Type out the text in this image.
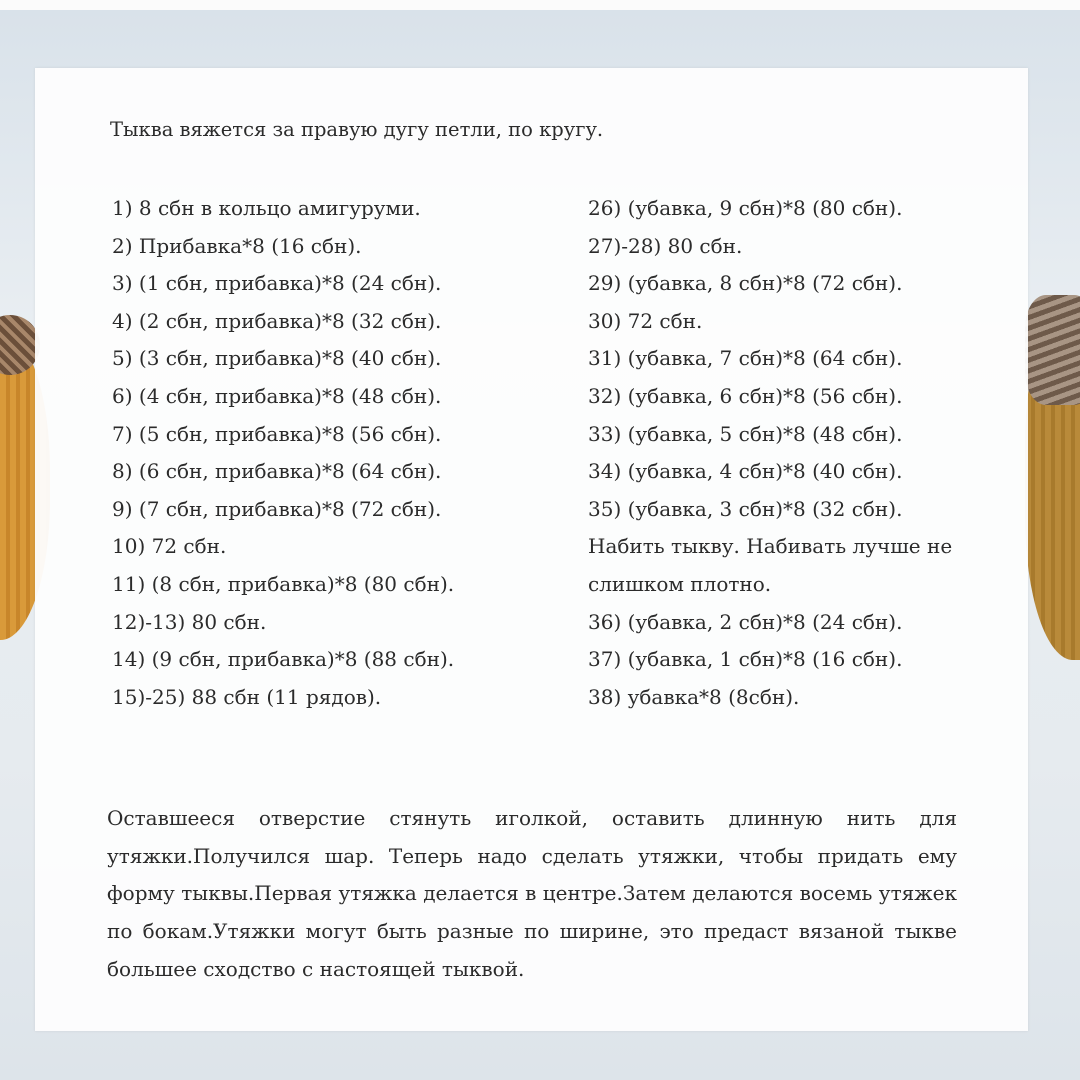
Тыква вяжется за правую дугу петли, по кругу.
1) 8 сбн в кольцо амигуруми.
2) Прибавка*8 (16 сбн).
3) (1 сбн, прибавка)*8 (24 сбн).
4) (2 сбн, прибавка)*8 (32 сбн).
5) (3 сбн, прибавка)*8 (40 сбн).
6) (4 сбн, прибавка)*8 (48 сбн).
7) (5 сбн, прибавка)*8 (56 сбн).
8) (6 сбн, прибавка)*8 (64 сбн).
9) (7 сбн, прибавка)*8 (72 сбн).
10) 72 сбн.
11) (8 сбн, прибавка)*8 (80 сбн).
12)-13) 80 сбн.
14) (9 сбн, прибавка)*8 (88 сбн).
15)-25) 88 сбн (11 рядов).
26) (убавка, 9 сбн)*8 (80 сбн).
27)-28) 80 сбн.
29) (убавка, 8 сбн)*8 (72 сбн).
30) 72 сбн.
31) (убавка, 7 сбн)*8 (64 сбн).
32) (убавка, 6 сбн)*8 (56 сбн).
33) (убавка, 5 сбн)*8 (48 сбн).
34) (убавка, 4 сбн)*8 (40 сбн).
35) (убавка, 3 сбн)*8 (32 сбн).
Набить тыкву. Набивать лучше не
слишком плотно.
36) (убавка, 2 сбн)*8 (24 сбн).
37) (убавка, 1 сбн)*8 (16 сбн).
38) убавка*8 (8сбн).
Оставшееся отверстие стянуть иголкой, оставить длинную нить для утяжки.Получился шар. Теперь надо сделать утяжки, чтобы придать ему форму тыквы.Первая утяжка делается в центре.Затем делаются восемь утяжек по бокам.Утяжки могут быть разные по ширине, это предаст вязаной тыкве большее сходство с настоящей тыквой.
